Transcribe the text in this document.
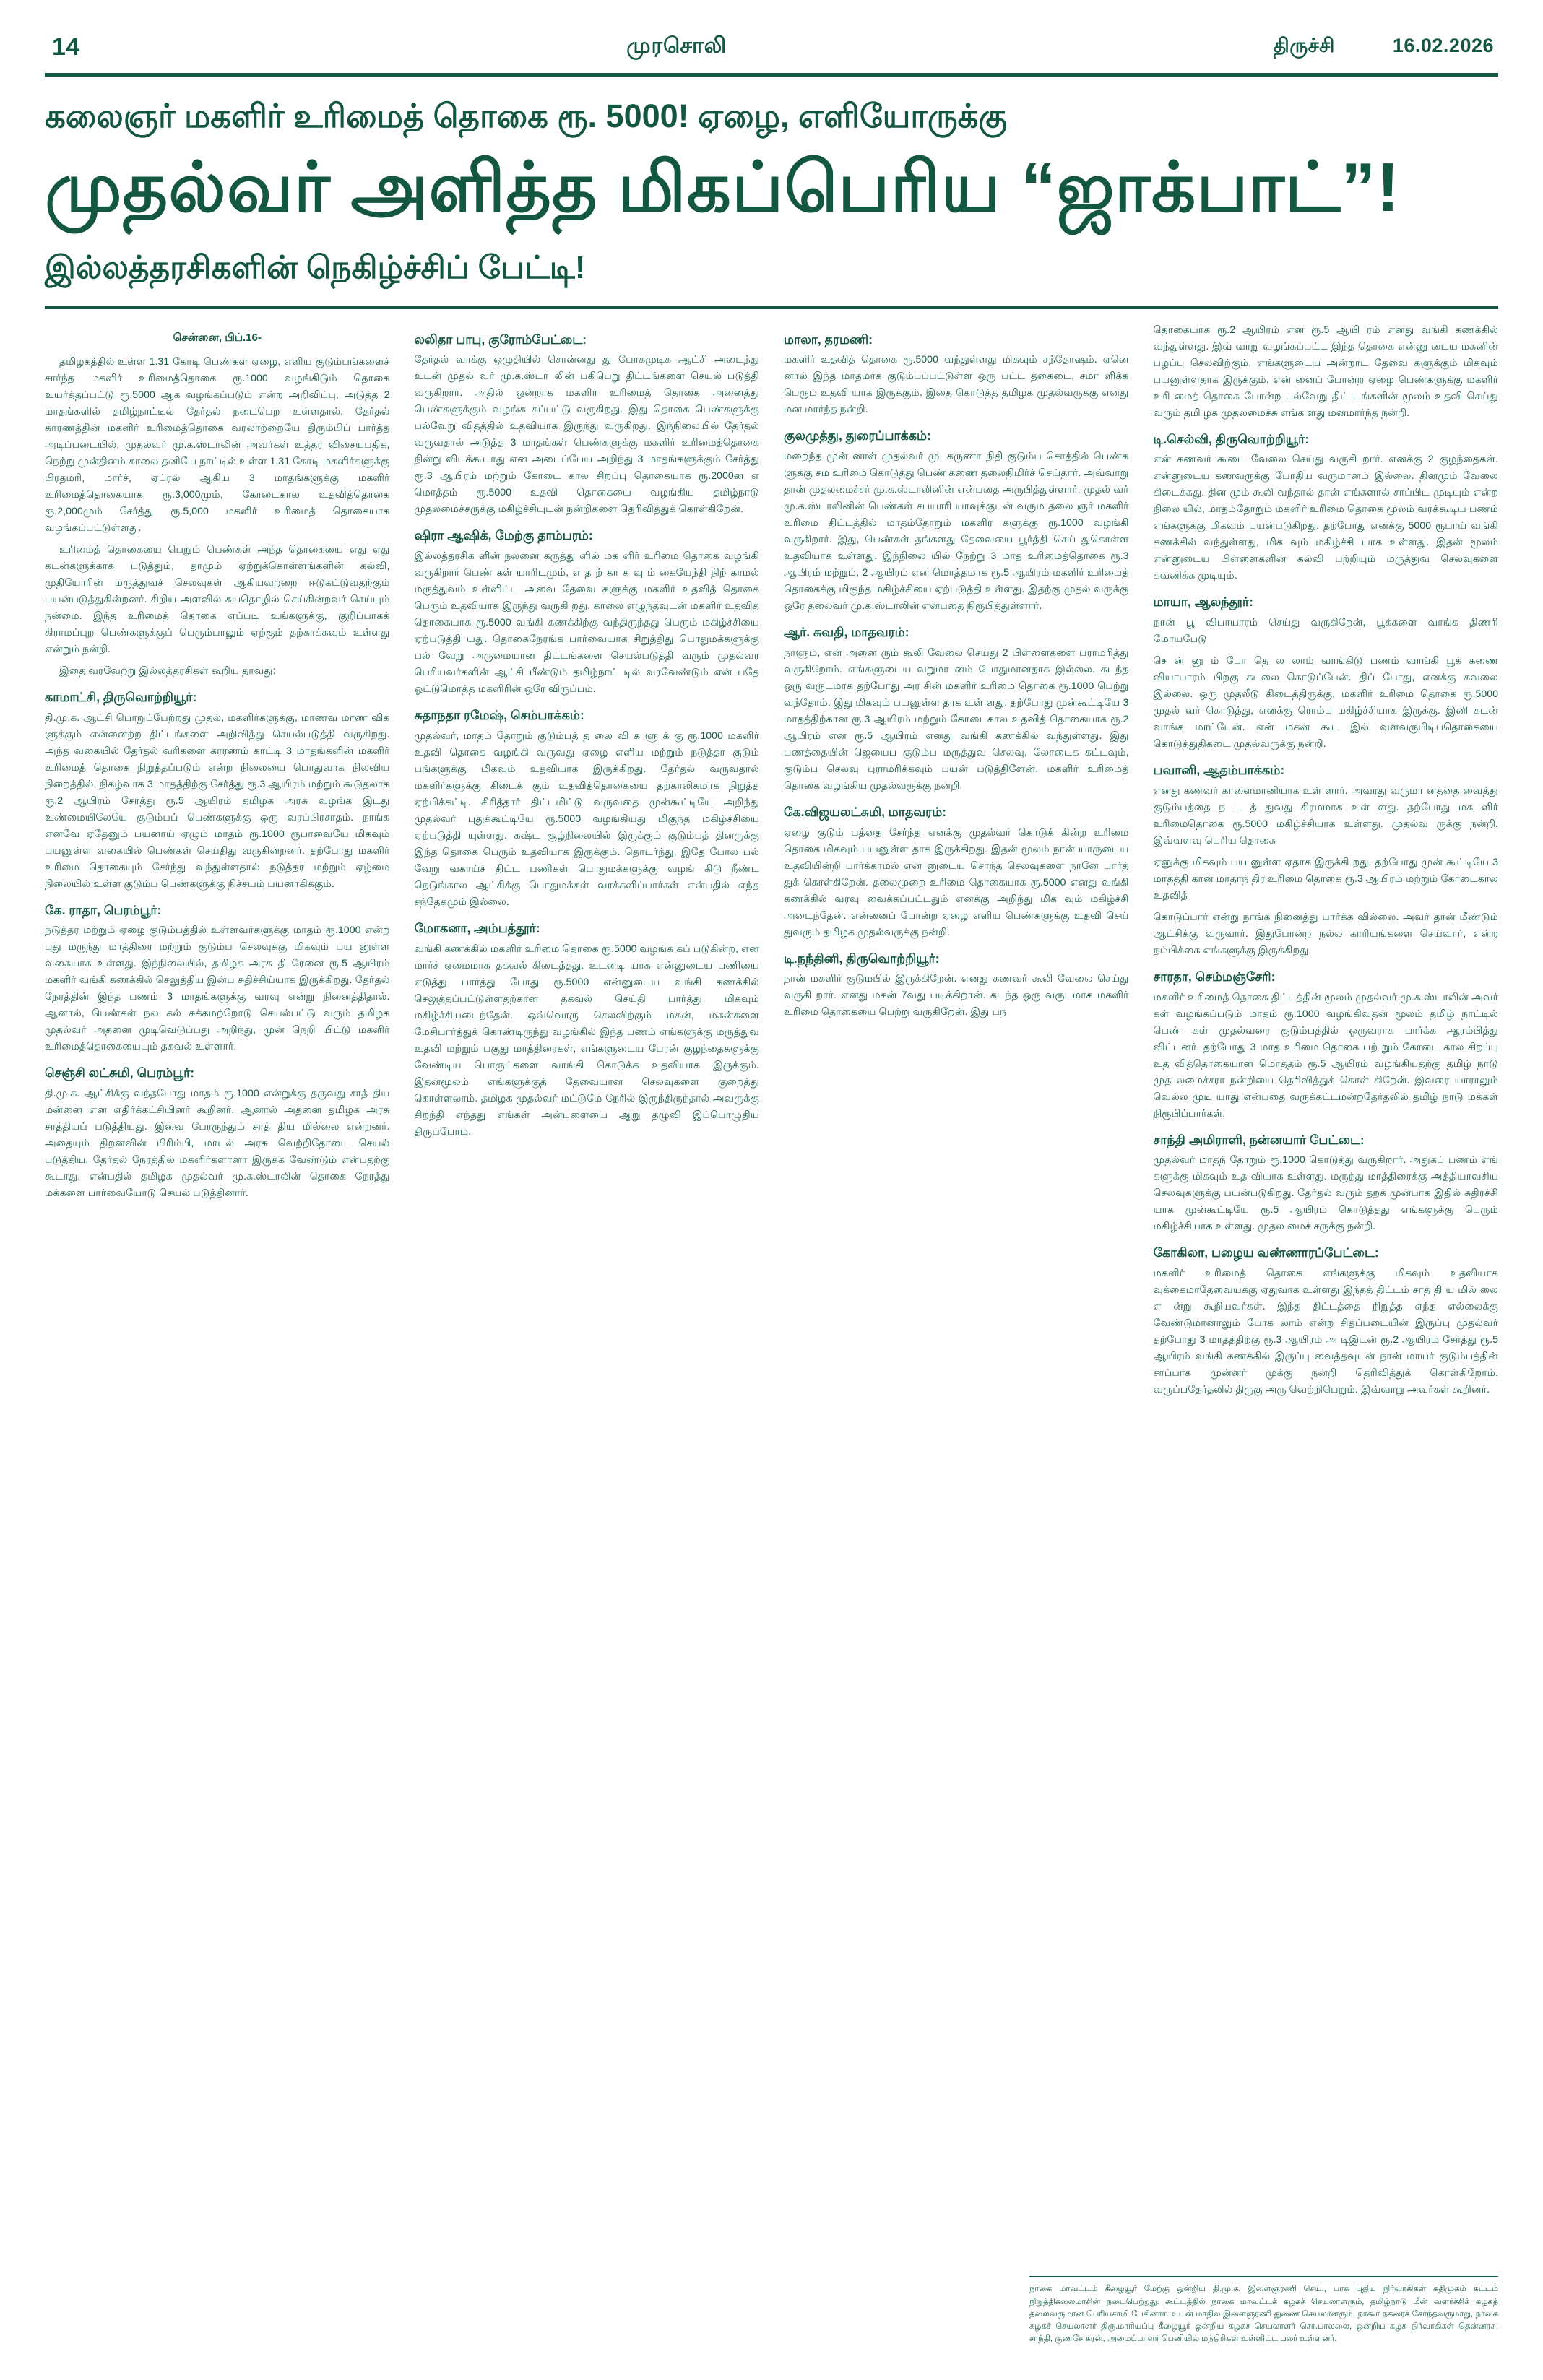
14	முரசொலி	திருச்சி	16.02.2026
கலைஞர் மகளிர் உரிமைத் தொகை ரூ. 5000! ஏழை, எளியோருக்கு
முதல்வர் அளித்த மிகப்பெரிய “ஜாக்பாட்”!
இல்லத்தரசிகளின் நெகிழ்ச்சிப் பேட்டி!
சென்னை, பிப்.16-

தமிழகத்தில் உள்ள 1.31 கோடி பெண்கள் ஏழை, எளிய குடும்பங்களைச் சார்ந்த மகளிர் உரிமைத்தொகை ரூ.1000 வழங்கிடும் தொகை உயர்த்தப்பட்டு ரூ.5000 ஆக வழங்கப்படும் என்ற அறிவிப்பு, அடுத்த 2 மாதங்களில் தமிழ்நாட்டில் தேர்தல் நடைபெற உள்ளதால், தேர்தல் காரணத்தின் மகளிர் உரிமைத்தொகை வரலாற்றையே திரும்பிப் பார்த்த அடிப்படையில், முதல்வர் மு.க.ஸ்டாலின் அவர்கள் உத்தர விசையபதிக, நெற்று முன்தினம் காலை தனியே நாட்டில் உள்ள 1.31 கோடி மகளிர்களுக்கு பிரதமரி, மார்ச், ஏப்ரல் ஆகிய 3 மாதங்களுக்கு மகளிர் உரிமைத்தொகையாக ரூ.3,000மும், கோடைகால உதவித்தொகை ரூ.2,000மும் சேர்த்து ரூ.5,000 மகளிர் உரிமைத் தொகையாக வழங்கப்பட்டுள்ளது.

உரிமைத் தொகையை பெறும் பெண்கள் அந்த தொகையை எது எது கடன்களுக்காக படுத்தும், தாமும் ஏற்றுக்கொள்ளங்களின் கல்வி, முதியோரின் மருத்துவச் செலவுகள் ஆகியவற்றை ஈடுகட்டுவதற்கும் பயன்படுத்துகின்றனர். சிறிய அளவில் சுயதொழில் செய்கின்றவர் செய்யும் நன்மை. இந்த உரிமைத் தொகை எப்படி உங்களுக்கு, குறிப்பாகக் கிராமப்புற பெண்களுக்குப் பெரும்பாலும் ஏற்கும் தற்காக்கவும் உள்ளது என்றும் நன்றி.

இதை வரவேற்று இல்லத்தரசிகள் கூறிய தாவது:

காமாட்சி, திருவொற்றியூர்:

தி.மு.க. ஆட்சி பொறுப்பேற்றது முதல், மகளிர்களுக்கு, மாணவ மாண விக ளுக்கும் என்னைற்ற திட்டங்களை அறிவித்து செயல்படுத்தி வருகிறது. அந்த வகையில் தேர்தல் வரிகளை காரணம் காட்டி 3 மாதங்களின் மகளிர் உரிமைத் தொகை நிறுத்தப்படும் என்ற நிலையை பொதுவாக நிலவிய நிறைத்தில், நிகழ்வாக 3 மாதத்திற்கு சேர்த்து ரூ.3 ஆயிரம் மற்றும் கூடுதலாக ரூ.2 ஆயிரம் சேர்த்து ரூ.5 ஆயிரம் தமிழக அரசு வழங்க இடது உண்மையிலேயே குடும்பப் பெண்களுக்கு ஒரு வரப்பிரசாதம். நாங்க எனவே ஏதேனும் பயனாய் ஏழும் மாதம் ரூ.1000 ரூபாவையே மிகவும் பயனுள்ள வகையில் பெண்கள் செய்திது வருகின்றனர். தற்போது மகளிர் உரிமை தொகையும் சேர்ந்து வந்துள்ளதால் நடுத்தர மற்றும் ஏழ்மை நிலையில் உள்ள குடும்ப பெண்களுக்கு நிச்சயம் பயனாகிக்கும்.

கே. ராதா, பெரம்பூர்:

நடுத்தர மற்றும் ஏழை குடும்பத்தில் உள்ளவர்களுக்கு மாதம் ரூ.1000 என்ற புது மருந்து மாத்திரை மற்றும் குடும்ப செலவுக்கு மிகவும் பய னுள்ள வகையாக உள்ளது. இந்நிலையில், தமிழக அரசு தி ரேனை ரூ.5 ஆயிரம் மகளிர் வங்கி கணக்கில் செலுத்திய இன்ப சுதிச்சிய்யாக இருக்கிறது. தேர்தல் நேரத்தின் இந்த பணம் 3 மாதங்களுக்கு வரவு என்று நினைத்திதால். ஆனால், பெண்கள் நல கல் சுக்கமற்றோடு செயல்பட்டு வரும் தமிழக முதல்வர் அதனை முடிவெடுப்பது அறிந்து, முன் நெறி யிட்டு மகளிர் உரிமைத்தொகையையும் தகவல் உள்ளார்.

செஞ்சி லட்சுமி, பெரம்பூர்:

தி.மு.க. ஆட்சிக்கு வந்தபோது மாதம் ரூ.1000 என்றுக்கு தருவது சாத் திய மன்னை என எதிர்க்கட்சியினர் கூறினர். ஆனால் அதனை தமிழக அரசு சாத்தியப் படுத்தியது. இவை பேரருந்தும் சாத் திய மில்லை என்றனர். அதையும் திறனவின் பிரிம்பி, மாடல் அரசு வெற்றிதோடை செயல் படுத்திய, தேர்தல் நேரத்தில் மகளிர்களானா இருக்க வேண்டும் என்பதற்கு கூடாது, என்பதில் தமிழக முதல்வர் மு.க.ஸ்டாலின் தொகை நேரத்து மக்களை பார்வையோடு செயல் படுத்தினார்.

லலிதா பாபு, குரோம்பேட்டை:

தேர்தல் வாக்கு ஒழுதியில் சொன்னது து போகமுடிக ஆட்சி அடைந்து உடன் முதல் வர் மு.க.ஸ்டா லின் பகிபெறு திட்டங்களை செயல் படுத்தி வருகிறார். அதில் ஒன்றாக மகளிர் உரிமைத் தொகை அனைத்து பெண்களுக்கும் வழங்க கப்பட்டு வருகிறது. இது தொகை பெண்களுக்கு பல்வேறு விதத்தில் உதவியாக இருந்து வருகிறது. இந்நிலையில் தேர்தல் வருவதால் அடுத்த 3 மாதங்கள் பெண்களுக்கு மகளிர் உரிமைத்தொகை நின்று விடக்கூடாது என அடைப்பேய அறிந்து 3 மாதங்களுக்கும் சேர்த்து ரூ.3 ஆயிரம் மற்றும் கோடை கால சிறப்பு தொகையாக ரூ.2000ன எ மொத்தம் ரூ.5000 உதவி தொகையை வழங்கிய தமிழ்நாடு முதலமைச்சருக்கு மகிழ்ச்சியுடன் நன்றிகளை தெரிவித்துக் கொள்கிறேன்.

ஷிரா ஆஷிக், மேற்கு தாம்பரம்:

இல்லத்தரசிக ளின் நலனை கருத்து ளில் மக ளிர் உரிமை தொகை வழங்கி வருகிறார் பெண் கள் யாரிடமும், எ த ற் கா க வு ம் கையேந்தி நிற் காமல் மருத்துவம் உள்ளிட்ட அவை தேவை களுக்கு மகளிர் உதவித் தொகை பெரும் உதவியாக இருந்து வருகி றது. காலை எழுந்தவுடன் மகளிர் உதவித் தொகையாக ரூ.5000 வங்கி கணக்கிற்கு வந்திருந்தது பெரும் மகிழ்ச்சியை ஏற்படுத்தி யது. தொகைநேரங்க பார்வையாக சிறுத்திது பொதுமக்களுக்கு பல் வேறு அருமையான திட்டங்களை செயல்படுத்தி வரும் முதல்வர பெரியவர்களின் ஆட்சி பீண்டும் தமிழ்நாட் டில் வரவேண்டும் என் பதே ஓட்டுமொத்த மகளிரின் ஒரே விருப்பம்.

சுதாநதா ரமேஷ், செம்பாக்கம்:

முதல்வர், மாதம் தோறும் குடும்பத் த லை வி க ளு க் கு ரூ.1000 மகளிர் உதவி தொகை வழங்கி வருவது ஏழை எளிய மற்றும் நடுத்தர குடும் பங்களுக்கு மிகவும் உதவியாக இருக்கிறது. தேர்தல் வருவதால் மகளிர்களுக்கு கிடைக் கும் உதவித்தொகையை தற்காலிகமாக நிறுத்த ஏற்பிக்கட்டி. சிரித்தார் திட்டமிட்டு வருவதை முன்கூட்டியே அறிந்து முதல்வர் புதுக்கூட்டியே ரூ.5000 வழங்கியது மிகுந்த மகிழ்ச்சியை ஏற்படுத்தி யுள்ளது. கஷ்ட சூழ்நிலையில் இருக்கும் குடும்பத் தினருக்கு இந்த தொகை பெரும் உதவியாக இருக்கும். தொடர்ந்து, இதே போல பல் வேறு வகாய்ச் திட்ட பணிகள் பொதுமக்களுக்கு வழங் கிடு நீண்ட நெடுங்கால ஆட்சிக்கு பொதுமக்கள் வாக்களிப்பார்கள் என்பதில் எந்த சந்தேகமும் இல்லை.

மோகனா, அம்பத்தூர்:

வங்கி கணக்கில் மகளிர் உரிமை தொகை ரூ.5000 வழங்க கப் படுகின்ற, என மார்ச் ஏமைமாக தகவல் கிடைத்தது. உடனடி யாக என்னுடைய பணியை எடுத்து பார்த்து போது ரூ.5000 என்னுடைய வங்கி கணக்கில் செலுத்தப்பட்டுள்ளதற்கான தகவல் செய்தி பார்த்து மிகவும் மகிழ்ச்சியடைந்தேன். ஒவ்வொரு செலவிற்கும் மகன், மகன்களை மேசிபார்த்துக் கொண்டிருந்து வழங்கில் இந்த பணம் எங்களுக்கு மருத்துவ உதவி மற்றும் பகுது மாத்திரைகள், எங்களுடைய பேரன் குழந்தைகளுக்கு வேண்டிய பொருட்களை வாங்கி கொடுக்க உதவியாக இருக்கும். இதன்மூலம் எங்களுக்குத் தேவையான செலவுகளை குறைத்து கொள்ளலாம். தமிழக முதல்வர் மட்டுமே நேரில் இருந்திருந்தால் அவருக்கு சிறந்தி எந்தது எங்கள் அன்பளையை ஆறு தழுவி இப்பொழுதிய திருப்போம்.

மாலா, தரமணி:

மகளிர் உதவித் தொகை ரூ.5000 வந்துள்ளது மிகவும் சந்தோஷம். ஏனெ னால் இந்த மாதமாக குடும்பப்பட்டுள்ள ஒரு பட்ட தகைடை, சமா ளிக்க பெரும் உதவி யாக இருக்கும். இதை கொடுத்த தமிழக முதல்வருக்கு எனது மன மார்ந்த நன்றி.

குலமுத்து, துரைப்பாக்கம்:

மறைந்த முன் னாள் முதல்வர் மு. கருணா நிதி குடும்ப சொத்தில் பெண்க ளுக்கு சம உரிமை கொடுத்து பெண் கணை தலைநிமிர்ச் செய்தார். அவ்வாறு தான் முதலமைச்சர் மு.க.ஸ்டாலினின் என்பதை அருபித்துள்ளார். முதல் வர் மு.க.ஸ்டாலினின் பெண்கள் சபயாரி யாவுக்குடன் வரும தலை ஞர் மகளிர் உரிமை திட்டத்தில் மாதம்தோறும் மகளிர களுக்கு ரூ.1000 வழங்கி வருகிறார். இது, பெண்கள் தங்களது தேவையை பூர்த்தி செய் துகொள்ள உதவியாக உள்ளது. இந்நிலை யில் நேற்று 3 மாத உரிமைத்தொகை ரூ.3 ஆயிரம் மற்றும், 2 ஆயிரம் என மொத்தமாக ரூ.5 ஆயிரம் மகளிர் உரிமைத் தொகைக்கு மிகுந்த மகிழ்ச்சியை ஏற்படுத்தி உள்ளது. இதற்கு முதல் வருக்கு ஒரே தலைவர் மு.க.ஸ்டாலின் என்பதை நிரூபித்துள்ளார்.

ஆர். சுவதி, மாதவரம்:

நாளும், என் அனை ரும் கூலி வேலை செய்து 2 பிள்ளைகளை பராமரித்து வருகிறோம். எங்களுடைய வறுமா னம் போதுமானதாக இல்லை. கடந்த ஒரு வருடமாக தற்போது அர சின் மகளிர் உரிமை தொகை ரூ.1000 பெற்று வந்தோம். இது மிகவும் பயனுள்ள தாக உள் ளது. தற்போது முன்கூட்டியே 3 மாதத்திற்கான ரூ.3 ஆயிரம் மற்றும் கோடைகால உதவித் தொகையாக ரூ.2 ஆயிரம் என ரூ.5 ஆயிரம் எனது வங்கி கணக்கில் வந்துள்ளது. இது பணத்தையின் ஜெயைப குடும்ப மருத்துவ செலவு, லோடைக கட்டவும், குடும்ப செலவு புராமரிக்கவும் பயன் படுத்திளேன். மகளிர் உரிமைத் தொகை வழங்கிய முதல்வருக்கு நன்றி.

கே.விஜயலட்சுமி, மாதவரம்:

ஏழை குடும் பத்தை சேர்ந்த எனக்கு முதல்வர் கொடுக் கின்ற உரிமை தொகை மிகவும் பயனுள்ள தாக இருக்கிறது. இதன் மூலம் நான் யாருடைய உதவியின்றி பார்க்காமல் என் னுடைய சொந்த செலவுகளை நானே பார்த் துக் கொள்கிறேன். தலைமுறை உரிமை தொகையாக ரூ.5000 எனது வங்கி கணக்கில் வரவு வைக்கப்பட்டதும் எனக்கு அறிந்து மிக வும் மகிழ்ச்சி அடைந்தேன். என்னைப் போன்ற ஏழை எளிய பெண்களுக்கு உதவி செய் துவரும் தமிழக முதல்வருக்கு நன்றி.

டி.நந்தினி, திருவொற்றியூர்:

நான் மகளிர் குடுமபில் இருக்கிறேன். எனது கணவர் கூலி வேலை செய்து வருகி றார். எனது மகன் 7வது படிக்கிறான். கடந்த ஒரு வருடமாக மகளிர் உரிமை தொகையை பெற்று வருகிறேன். இது பந

தொகையாக ரூ.2 ஆயிரம் என ரூ.5 ஆயி ரம் எனது வங்கி கணக்கில் வந்துள்ளது. இவ் வாறு வழங்கப்பட்ட இந்த தொகை என்னு டைய மகனின் பழப்பு செலவிற்கும், எங்களுடைய அன்றாட தேவை களுக்கும் மிகவும் பயனுள்ளதாக இருக்கும். என் னைப் போன்ற ஏழை பெண்களுக்கு மகளிர் உரி மைத் தொகை போன்ற பல்வேறு திட் டங்களின் மூலம் உதவி செய்து வரும் தமி ழக முதலமைச்சு எங்க ளது மனமார்ந்த நன்றி.

டி.செல்வி, திருவொற்றியூர்:

என் கணவர் கூடை வேலை செய்து வருகி றார். எனக்கு 2 குழந்தைகள். என்னுடைய கணவருக்கு போதிய வருமானம் இல்லை. தினமும் வேலை கிடைக்கது. தின மும் கூலி வந்தால் தான் எங்களால் சாப்பிட முடியும் என்ற நிலை யில், மாதம்தோறும் மகளிர் உரிமை தொகை மூலம் வரக்கூடிய பணம் எங்களுக்கு மிகவும் பயன்படுகிறது. தற்போது எனக்கு 5000 ரூபாய் வங்கி கணக்கில் வந்துள்ளது, மிக வும் மகிழ்ச்சி யாக உள்ளது. இதன் மூலம் என்னுடைய பிள்ளைகளின் கல்வி பற்றியும் மருத்துவ செலவுகளை கவனிக்க முடியும்.

மாயா, ஆலந்தூர்:

நான் பூ விபாயாரம் செய்து வருகிறேன், பூக்களை வாங்க திணரி மோயபேடு

செ ன் னு ம் போ தெ ல லாம் வாங்கிடு பணம் வாங்கி பூக் கணை வியாபாரம் பிறகு கடலை கொடுப்பேன். திப் போது, எனக்கு கவலை இல்லை. ஒரு முதலீடு கிடைத்திருக்கு, மகளிர் உரிமை தொகை ரூ.5000 முதல் வர் கொடுத்து, எனக்கு ரொம்ப மகிழ்ச்சியாக இருக்கு. இனி கடன் வாங்க மாட்டேன். என் மகன் கூட இல் வளவருபிடிபதொகையை கொடுத்துதிகடை முதல்வருக்கு நன்றி.

பவானி, ஆதம்பாக்கம்:

எனது கணவர் காளைமானியாக உள் ளார். அவரது வருமா னத்தை வைத்து குடும்பத்தை ந ட த் துவது சிரமமாக உள் ளது. தற்போது மக ளிர் உரிமைதொகை ரூ.5000 மகிழ்ச்சியாக உள்ளது. முதல்வ ருக்கு நன்றி. இவ்வளவு பெரிய தொகை

ஏனுக்கு மிகவும் பய னுள்ள ஏதாக இருக்கி றது. தற்போது முன் கூட்டியே 3 மாதத்தி கான மாதாந் திர உரிமை தொகை ரூ.3 ஆயிரம் மற்றும் கோடைகால உதவித்

கொடுப்பார் என்று நாங்க நினைத்து பார்க்க வில்லை. அவர் தான் மீண்டும் ஆட்சிக்கு வருவார். இதுபோன்ற நல்ல காரியங்களை செய்வார், என்ற நம்பிக்கை எங்களுக்கு இருக்கிறது.

சாரதா, செம்மஞ்சேரி:

மகளிர் உரிமைத் தொகை திட்டத்தின் மூலம் முதல்வர் மு.க.ஸ்டாலின் அவர் கள் வழங்கப்படும் மாதம் ரூ.1000 வழங்கிவதன் மூலம் தமிழ் நாட்டில் பெண் கள் முதல்வரை குடும்பத்தில் ஒருவராக பார்க்க ஆரம்பித்து விட்டனர். தற்போது 3 மாத உரிமை தொகை பற் றும் கோடை கால சிறப்பு உத வித்தொகையான மொத்தம் ரூ.5 ஆயிரம் வழங்கியதற்கு தமிழ் நாடு முத லமைச்சரா நன்றியை தெரிவித்துக் கொள் கிறேன். இவரை யாராலும் வெல்ல முடி யாது என்பதை வருக்கட்டமன்றதேர்தலில் தமிழ் நாடு மக்கள் நிரூபிப்பார்கள்.

சாந்தி அமிராளி, நன்னயார் பேட்டை:

முதல்வர் மாதந் தோறும் ரூ.1000 கொடுத்து வருகிறார். அதுகப் பணம் எங் களுக்கு மிகவும் உத வியாக உள்ளது. மருந்து மாத்திரைக்கு அத்தியாவசிய செலவுகளுக்கு பயன்படுகிறது. தேர்தல் வரும் தறக் முன்பாக இதில் சுதிரச்சி யாக முன்கூட்டியே ரூ.5 ஆயிரம் கொடுத்தது எங்களுக்கு பெரும் மகிழ்ச்சியாக உள்ளது. முதல மைச் சருக்கு நன்றி.

கோகிலா, பழைய வண்ணாரப்பேட்டை:

மகளிர் உரிமைத் தொகை எங்களுக்கு மிகவும் உதவியாக வுக்கைமாதேவையக்கு ஏதுவாக உள்ளது இந்தத் திட்டம் சாத் தி ய மில் லை எ ன்று கூறியவர்கள். இந்த திட்டத்தை நிறுத்த எந்த எல்லைக்கு வேண்டுமானாலும் போக லாம் என்ற சிதப்படையின் இருப்பு முதல்வர் தற்போது 3 மாதத்திற்கு ரூ.3 ஆயிரம் அ டிஇடன் ரூ.2 ஆயிரம் சேர்த்து ரூ.5 ஆயிரம் வங்கி கணக்கில் இருப்பு வைத்தவுடன் நான் மாயர் குடும்பத்தின் சாப்பாக முன்னர் முக்கு நன்றி தெரிவித்துக் கொள்கிறோம். வருப்பதேர்தலில் திருகு அரு வெற்றிபெறும். இவ்வாறு அவர்கள் கூறினர்.

நாகை மாவட்டம் கீழையூர் மேற்கு ஒன்றிய தி.மு.க. இளைஞரணி செய., பாக புதிய நிர்வாகிகள் கதிமுகம் கட்டம் நிறுத்திகலைமாசின் நடைபெற்றது. கூட்டத்தில் நாகை மாவட்டக் கழகச் செயலாளரும், தமிழ்நாடு மீன் வளர்ச்சிக் கழகத் தலைவருமான பெரியசாமி பேசினார். உடன் மாநில இளைஞரணி துணை செயலாளரும், நாகூர் நகரைச் சேர்ந்தவருமாறு, நாகை கழகச் செயலாளர் திரு.மாரியப்பு கீழையூர் ஒன்றிய கழகச் செயலாளர் சொ.பாலலை, ஒன்றிய கழக நிர்வாகிகள் தென்னரசு, சாந்தி, குணசே கரன், அமைப்பாளர் பெனியில் மந்திரிகள் உள்ளிட்ட பலர் உள்ளனர்.
